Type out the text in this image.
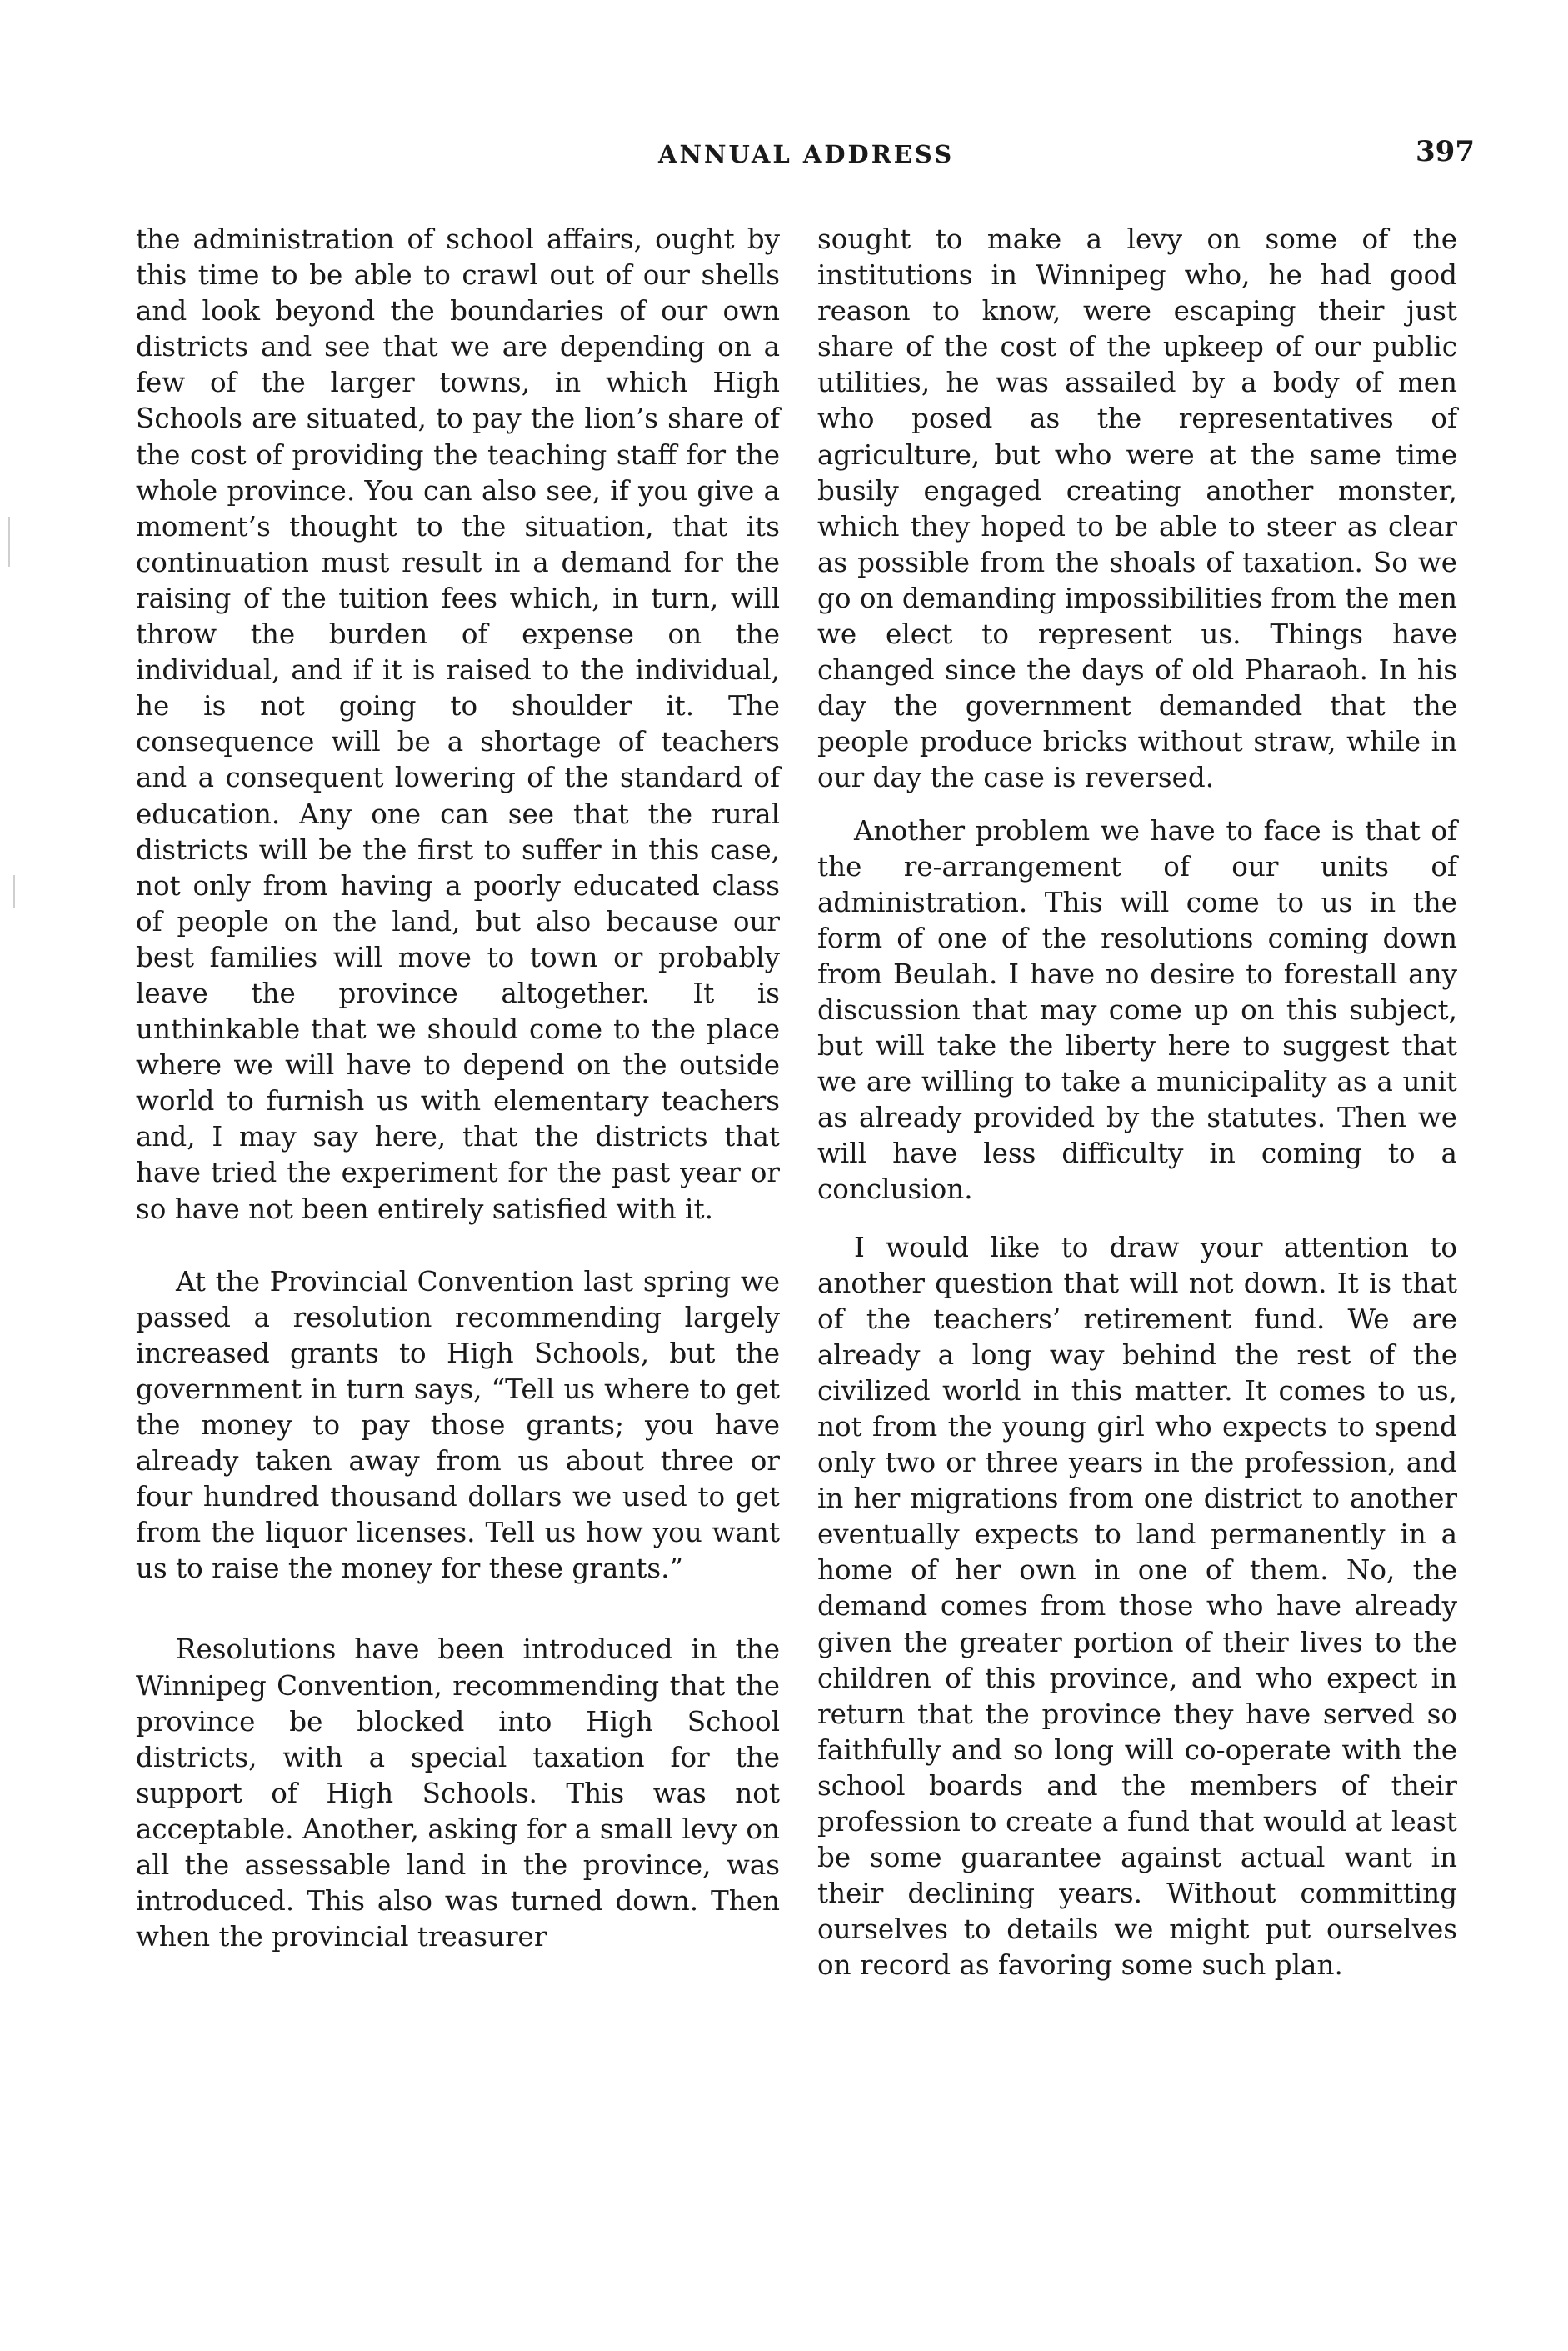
ANNUAL ADDRESS	397

the administration of school affairs, ought by this time to be able to crawl out of our shells and look beyond the boundaries of our own districts and see that we are depending on a few of the larger towns, in which High Schools are situated, to pay the lion’s share of the cost of providing the teaching staff for the whole province. You can also see, if you give a moment’s thought to the situation, that its continuation must result in a demand for the raising of the tuition fees which, in turn, will throw the burden of expense on the individual, and if it is raised to the individual, he is not going to shoulder it. The consequence will be a shortage of teachers and a consequent lowering of the standard of education. Any one can see that the rural districts will be the first to suffer in this case, not only from having a poorly educated class of people on the land, but also because our best families will move to town or probably leave the province altogether. It is unthinkable that we should come to the place where we will have to depend on the outside world to furnish us with elementary teachers and, I may say here, that the districts that have tried the experiment for the past year or so have not been entirely satisfied with it.

At the Provincial Convention last spring we passed a resolution recommending largely increased grants to High Schools, but the government in turn says, “Tell us where to get the money to pay those grants; you have already taken away from us about three or four hundred thousand dollars we used to get from the liquor licenses. Tell us how you want us to raise the money for these grants.”

Resolutions have been introduced in the Winnipeg Convention, recommending that the province be blocked into High School districts, with a special taxation for the support of High Schools. This was not acceptable. Another, asking for a small levy on all the assessable land in the province, was introduced. This also was turned down. Then when the provincial treasurer

sought to make a levy on some of the institutions in Winnipeg who, he had good reason to know, were escaping their just share of the cost of the upkeep of our public utilities, he was assailed by a body of men who posed as the representatives of agriculture, but who were at the same time busily engaged creating another monster, which they hoped to be able to steer as clear as possible from the shoals of taxation. So we go on demanding impossibilities from the men we elect to represent us. Things have changed since the days of old Pharaoh. In his day the government demanded that the people produce bricks without straw, while in our day the case is reversed.

Another problem we have to face is that of the re-arrangement of our units of administration. This will come to us in the form of one of the resolutions coming down from Beulah. I have no desire to forestall any discussion that may come up on this subject, but will take the liberty here to suggest that we are willing to take a municipality as a unit as already provided by the statutes. Then we will have less difficulty in coming to a conclusion.

I would like to draw your attention to another question that will not down. It is that of the teachers’ retirement fund. We are already a long way behind the rest of the civilized world in this matter. It comes to us, not from the young girl who expects to spend only two or three years in the profession, and in her migrations from one district to another eventually expects to land permanently in a home of her own in one of them. No, the demand comes from those who have already given the greater portion of their lives to the children of this province, and who expect in return that the province they have served so faithfully and so long will co-operate with the school boards and the members of their profession to create a fund that would at least be some guarantee against actual want in their declining years. Without committing ourselves to details we might put ourselves on record as favoring some such plan.
